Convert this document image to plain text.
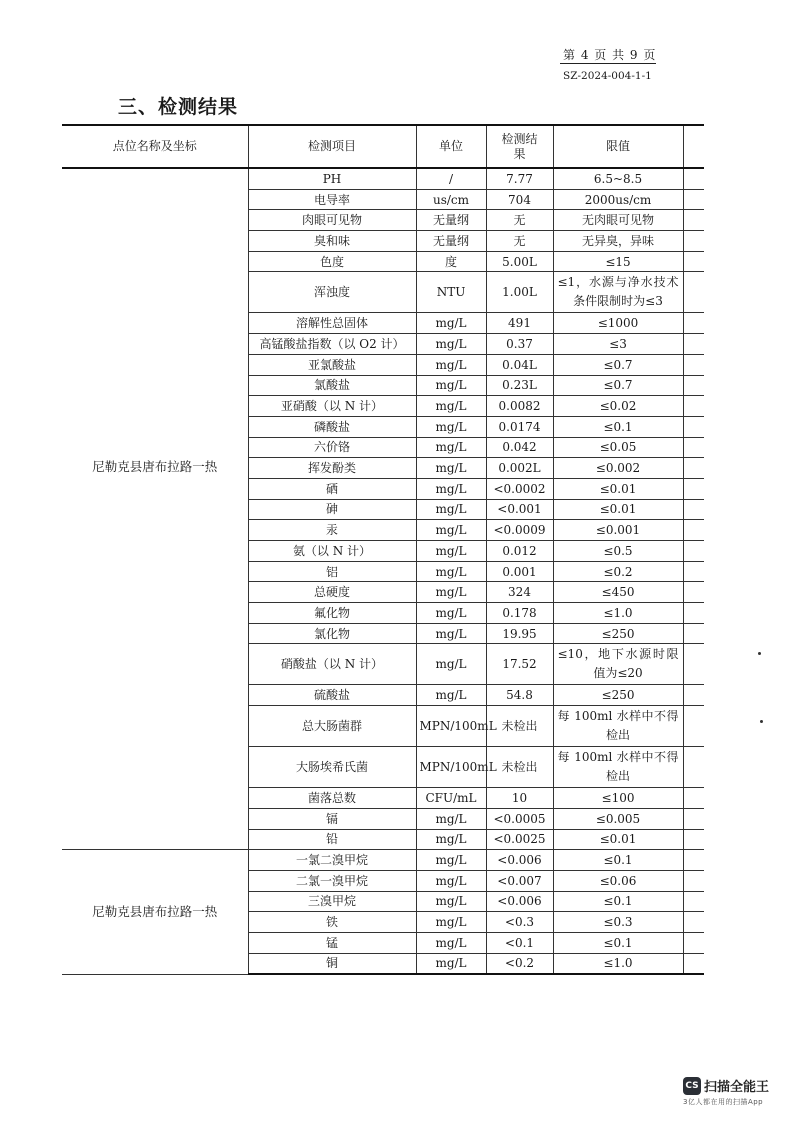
第 4 页 共 9 页
SZ-2024-004-1-1
三、检测结果
点位名称及坐标	检测项目	单位	检测结果	限值	

尼勒克县唐布拉路一热	PH	/	7.77	6.5~8.5	
	电导率	us/cm	704	2000us/cm	
	肉眼可见物	无量纲	无	无肉眼可见物	
	臭和味	无量纲	无	无异臭，异味	
	色度	度	5.00L	≤15	
	浑浊度	NTU	1.00L	≤1，水源与净水技术条件限制时为≤3	
	溶解性总固体	mg/L	491	≤1000	
	高锰酸盐指数（以 O2 计）	mg/L	0.37	≤3	
	亚氯酸盐	mg/L	0.04L	≤0.7	
	氯酸盐	mg/L	0.23L	≤0.7	
	亚硝酸（以 N 计）	mg/L	0.0082	≤0.02	
	磷酸盐	mg/L	0.0174	≤0.1	
	六价铬	mg/L	0.042	≤0.05	
	挥发酚类	mg/L	0.002L	≤0.002	
	硒	mg/L	<0.0002	≤0.01	
	砷	mg/L	<0.001	≤0.01	
	汞	mg/L	<0.0009	≤0.001	
	氨（以 N 计）	mg/L	0.012	≤0.5	
	铝	mg/L	0.001	≤0.2	
	总硬度	mg/L	324	≤450	
	氟化物	mg/L	0.178	≤1.0	
	氯化物	mg/L	19.95	≤250	
	硝酸盐（以 N 计）	mg/L	17.52	≤10，地下水源时限值为≤20	
	硫酸盐	mg/L	54.8	≤250	
	总大肠菌群	MPN/100mL	未检出	每 100ml 水样中不得检出	
	大肠埃希氏菌	MPN/100mL	未检出	每 100ml 水样中不得检出	
	菌落总数	CFU/mL	10	≤100	
	镉	mg/L	<0.0005	≤0.005	
	铅	mg/L	<0.0025	≤0.01	

尼勒克县唐布拉路一热	一氯二溴甲烷	mg/L	<0.006	≤0.1	
	二氯一溴甲烷	mg/L	<0.007	≤0.06	
	三溴甲烷	mg/L	<0.006	≤0.1	
	铁	mg/L	<0.3	≤0.3	
	锰	mg/L	<0.1	≤0.1	
	铜	mg/L	<0.2	≤1.0	
CS 扫描全能王
3亿人都在用的扫描App
